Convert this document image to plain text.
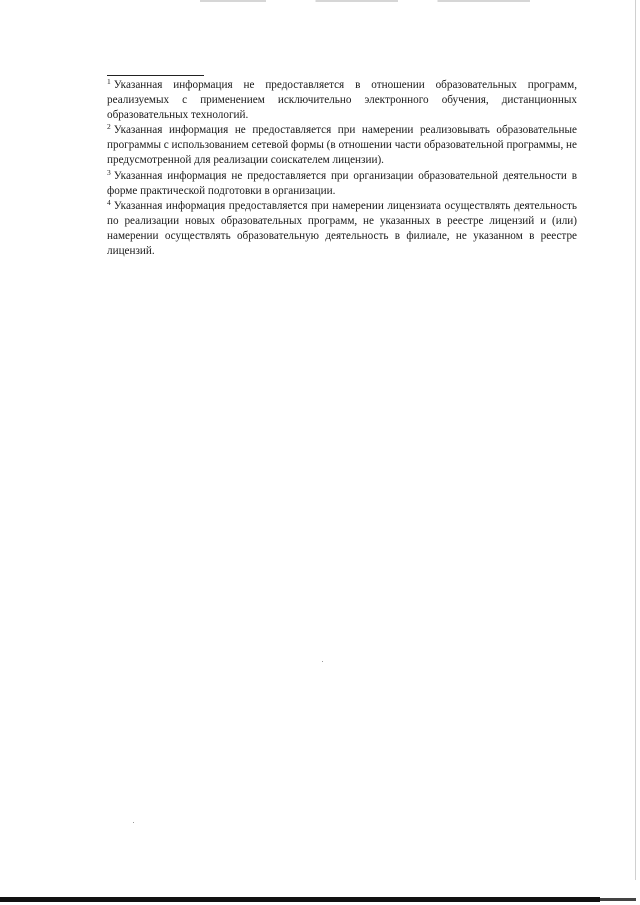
$^1$ Указанная информация не предоставляется в отношении образовательных программ, реализуемых с применением исключительно электронного обучения, дистанционных образовательных технологий.

$^2$ Указанная информация не предоставляется при намерении реализовывать образовательные программы с использованием сетевой формы (в отношении части образовательной программы, не предусмотренной для реализации соискателем лицензии).

$^3$ Указанная информация не предоставляется при организации образовательной деятельности в форме практической подготовки в организации.

$^4$ Указанная информация предоставляется при намерении лицензиата осуществлять деятельность по реализации новых образовательных программ, не указанных в реестре лицензий и (или) намерении осуществлять образовательную деятельность в филиале, не указанном в реестре лицензий.
